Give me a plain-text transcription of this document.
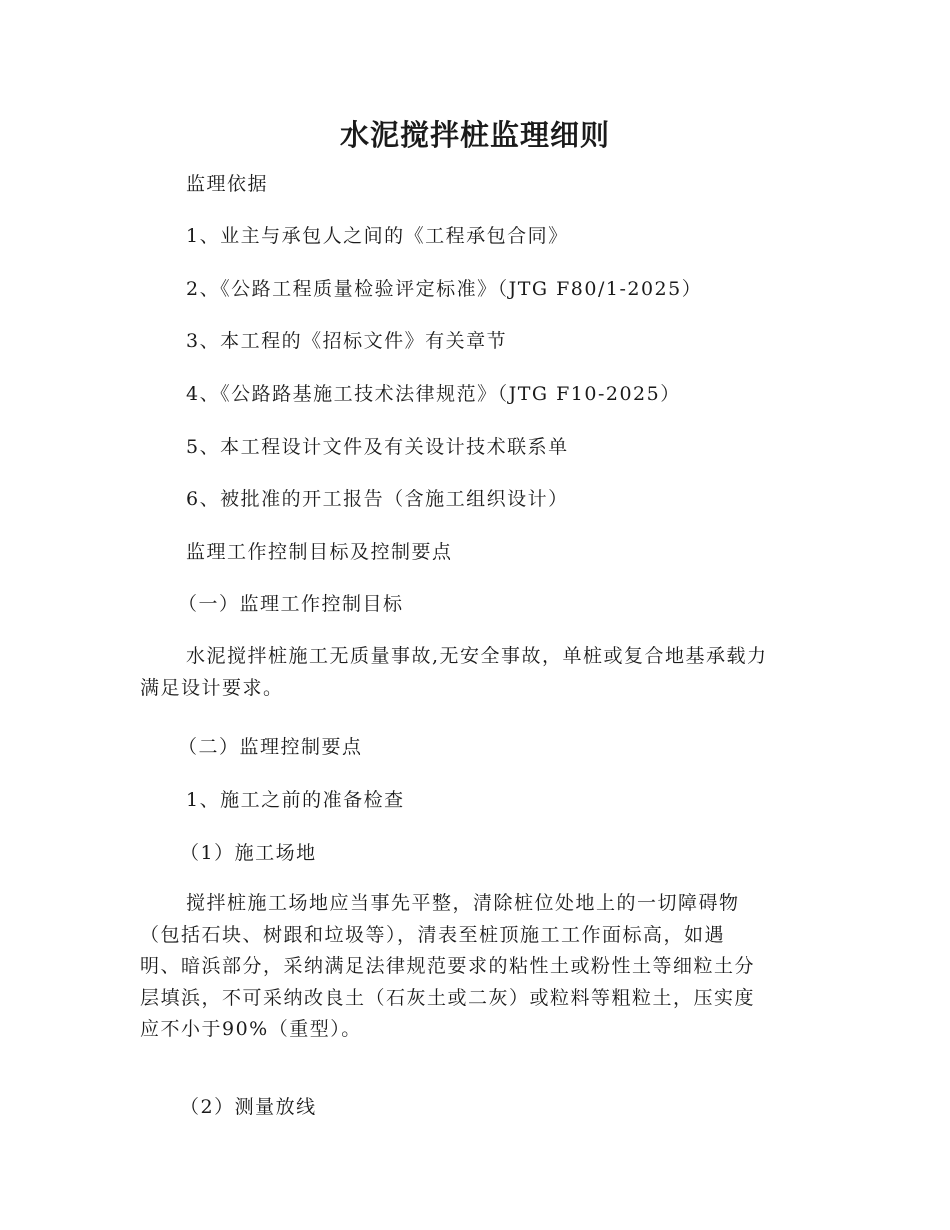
水泥搅拌桩监理细则
监理依据
1、业主与承包人之间的《工程承包合同》
2、《公路工程质量检验评定标准》（JTG F80/1-2025）
3、本工程的《招标文件》有关章节
4、《公路路基施工技术法律规范》（JTG F10-2025）
5、本工程设计文件及有关设计技术联系单
6、被批准的开工报告（含施工组织设计）
监理工作控制目标及控制要点
（一）监理工作控制目标
水泥搅拌桩施工无质量事故,无安全事故，单桩或复合地基承载力
满足设计要求。
（二）监理控制要点
1、施工之前的准备检查
（1）施工场地
搅拌桩施工场地应当事先平整，清除桩位处地上的一切障碍物
（包括石块、树跟和垃圾等），清表至桩顶施工工作面标高，如遇
明、暗浜部分，采纳满足法律规范要求的粘性土或粉性土等细粒土分
层填浜，不可采纳改良土（石灰土或二灰）或粒料等粗粒土，压实度
应不小于90%（重型）。
（2）测量放线
